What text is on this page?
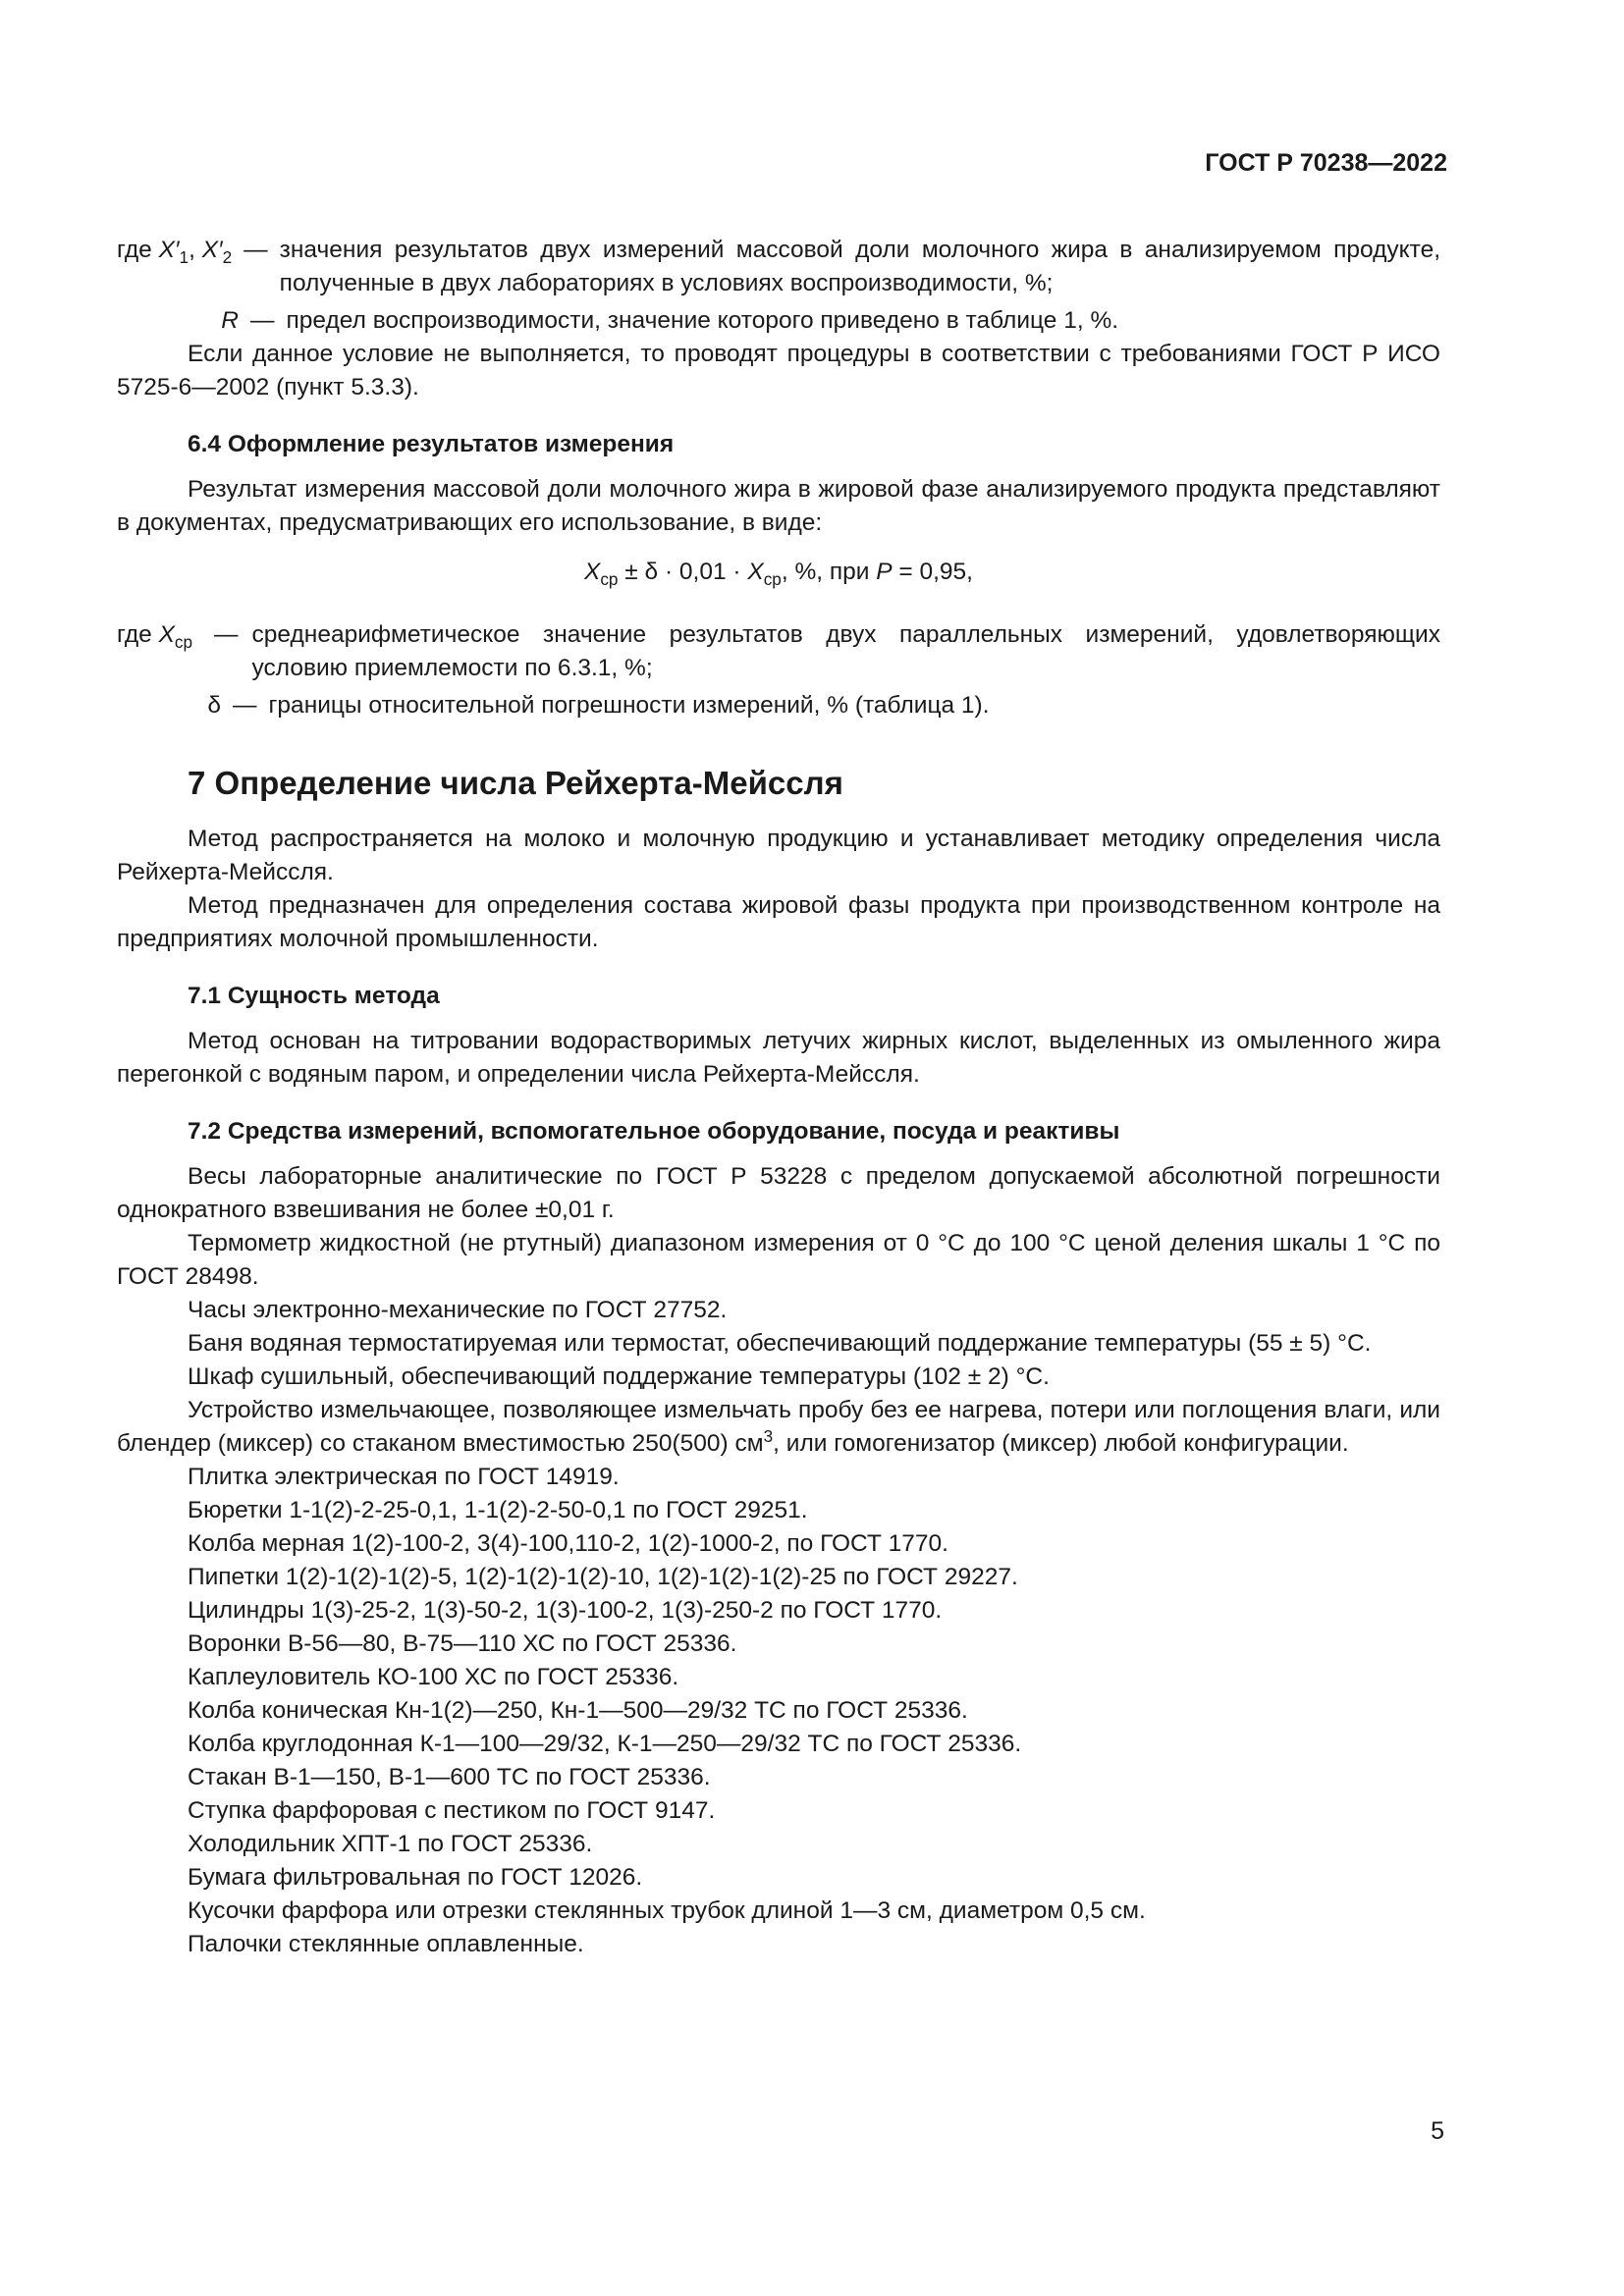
ГОСТ Р 70238—2022
где $X'_1$, $X'_2$ — значения результатов двух измерений массовой доли молочного жира в анализируемом продукте, полученные в двух лабораториях в условиях воспроизводимости, %;
R — предел воспроизводимости, значение которого приведено в таблице 1, %.

Если данное условие не выполняется, то проводят процедуры в соответствии с требованиями ГОСТ Р ИСО 5725-6—2002 (пункт 5.3.3).

6.4 Оформление результатов измерения

Результат измерения массовой доли молочного жира в жировой фазе анализируемого продукта представляют в документах, предусматривающих его использование, в виде:

$X_{ср} \pm \delta \cdot 0,01 \cdot X_{ср}$, %, при P = 0,95,

где $X_{ср}$ — среднеарифметическое значение результатов двух параллельных измерений, удовлетворяющих условию приемлемости по 6.3.1, %;
δ — границы относительной погрешности измерений, % (таблица 1).

7 Определение числа Рейхерта-Мейссля

Метод распространяется на молоко и молочную продукцию и устанавливает методику определения числа Рейхерта-Мейссля.

Метод предназначен для определения состава жировой фазы продукта при производственном контроле на предприятиях молочной промышленности.

7.1 Сущность метода

Метод основан на титровании водорастворимых летучих жирных кислот, выделенных из омыленного жира перегонкой с водяным паром, и определении числа Рейхерта-Мейссля.

7.2 Средства измерений, вспомогательное оборудование, посуда и реактивы

Весы лабораторные аналитические по ГОСТ Р 53228 с пределом допускаемой абсолютной погрешности однократного взвешивания не более ±0,01 г.

Термометр жидкостной (не ртутный) диапазоном измерения от 0 °С до 100 °С ценой деления шкалы 1 °С по ГОСТ 28498.

Часы электронно-механические по ГОСТ 27752.

Баня водяная термостатируемая или термостат, обеспечивающий поддержание температуры (55 ± 5) °С.

Шкаф сушильный, обеспечивающий поддержание температуры (102 ± 2) °С.

Устройство измельчающее, позволяющее измельчать пробу без ее нагрева, потери или поглощения влаги, или блендер (миксер) со стаканом вместимостью 250(500) $см^3$, или гомогенизатор (миксер) любой конфигурации.

Плитка электрическая по ГОСТ 14919.

Бюретки 1-1(2)-2-25-0,1, 1-1(2)-2-50-0,1 по ГОСТ 29251.

Колба мерная 1(2)-100-2, 3(4)-100,110-2, 1(2)-1000-2, по ГОСТ 1770.

Пипетки 1(2)-1(2)-1(2)-5, 1(2)-1(2)-1(2)-10, 1(2)-1(2)-1(2)-25 по ГОСТ 29227.

Цилиндры 1(3)-25-2, 1(3)-50-2, 1(3)-100-2, 1(3)-250-2 по ГОСТ 1770.

Воронки В-56—80, В-75—110 ХС по ГОСТ 25336.

Каплеуловитель КО-100 ХС по ГОСТ 25336.

Колба коническая Кн-1(2)—250, Кн-1—500—29/32 ТС по ГОСТ 25336.

Колба круглодонная К-1—100—29/32, К-1—250—29/32 ТС по ГОСТ 25336.

Стакан В-1—150, В-1—600 ТС по ГОСТ 25336.

Ступка фарфоровая с пестиком по ГОСТ 9147.

Холодильник ХПТ-1 по ГОСТ 25336.

Бумага фильтровальная по ГОСТ 12026.

Кусочки фарфора или отрезки стеклянных трубок длиной 1—3 см, диаметром 0,5 см.

Палочки стеклянные оплавленные.

5
